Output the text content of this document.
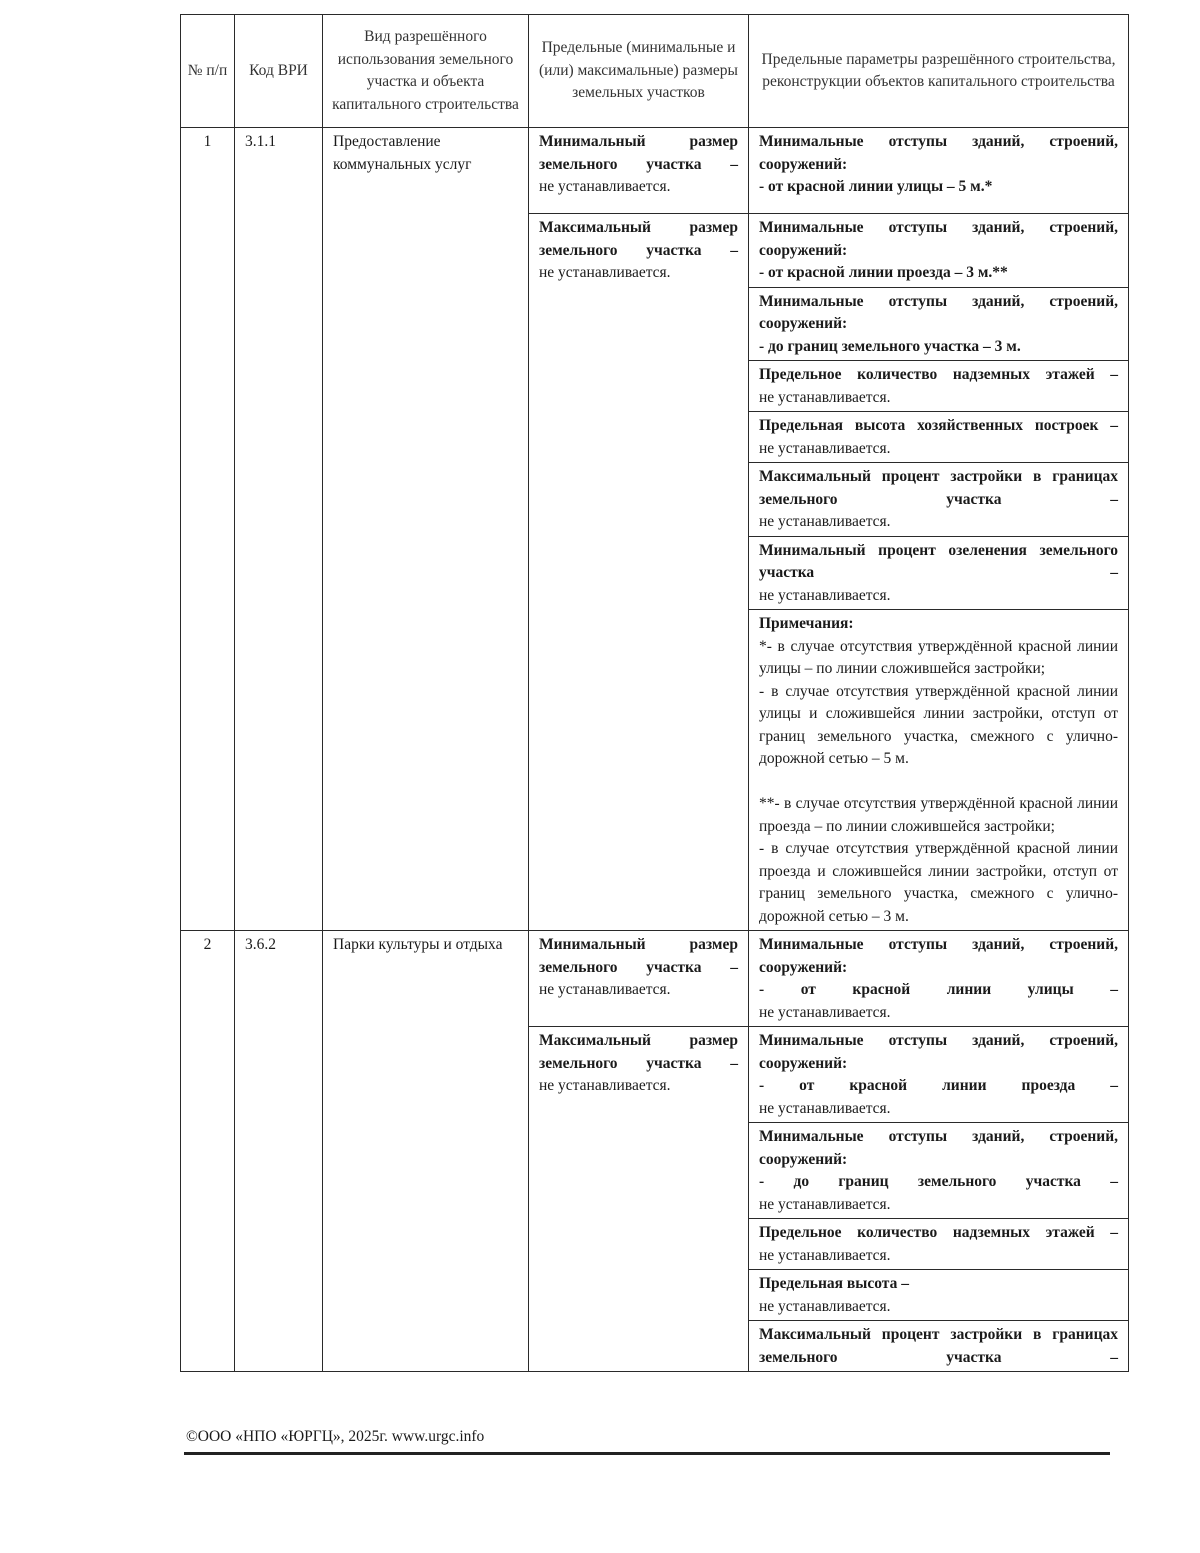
№ п/п	Код ВРИ	Вид разрешённого использования земельного участка и объекта капитального строительства	Предельные (минимальные и (или) максимальные) размеры земельных участков	Предельные параметры разрешённого строительства, реконструкции объектов капитального строительства
1	3.1.1	Предоставление коммунальных услуг	Минимальный размер земельного участка –
не устанавливается.	Минимальные отступы зданий, строений, сооружений:
- от красной линии улицы – 5 м.*

			Максимальный размер земельного участка –
не устанавливается.	Минимальные отступы зданий, строений, сооружений:
- от красной линии проезда – 3 м.**

				Минимальные отступы зданий, строений, сооружений:
- до границ земельного участка – 3 м.

				Предельное количество надземных этажей –
не устанавливается.

				Предельная высота хозяйственных построек –
не устанавливается.

				Максимальный процент застройки в границах земельного участка –
не устанавливается.

				Минимальный процент озеленения земельного участка –
не устанавливается.

				Примечания:
*- в случае отсутствия утверждённой красной линии улицы – по линии сложившейся застройки;
- в случае отсутствия утверждённой красной линии улицы и сложившейся линии застройки, отступ от границ земельного участка, смежного с улично-дорожной сетью – 5 м.
**- в случае отсутствия утверждённой красной линии проезда – по линии сложившейся застройки;
- в случае отсутствия утверждённой красной линии проезда и сложившейся линии застройки, отступ от границ земельного участка, смежного с улично-дорожной сетью – 3 м.

2	3.6.2	Парки культуры и отдыха	Минимальный размер земельного участка –
не устанавливается.	Минимальные отступы зданий, строений, сооружений:
- от красной линии улицы –
не устанавливается.

			Максимальный размер земельного участка –
не устанавливается.	Минимальные отступы зданий, строений, сооружений:
- от красной линии проезда –
не устанавливается.

				Минимальные отступы зданий, строений, сооружений:
- до границ земельного участка –
не устанавливается.

				Предельное количество надземных этажей –
не устанавливается.

				Предельная высота –
не устанавливается.

				Максимальный процент застройки в границах земельного участка –
©ООО «НПО «ЮРГЦ», 2025г. www.urgc.info
